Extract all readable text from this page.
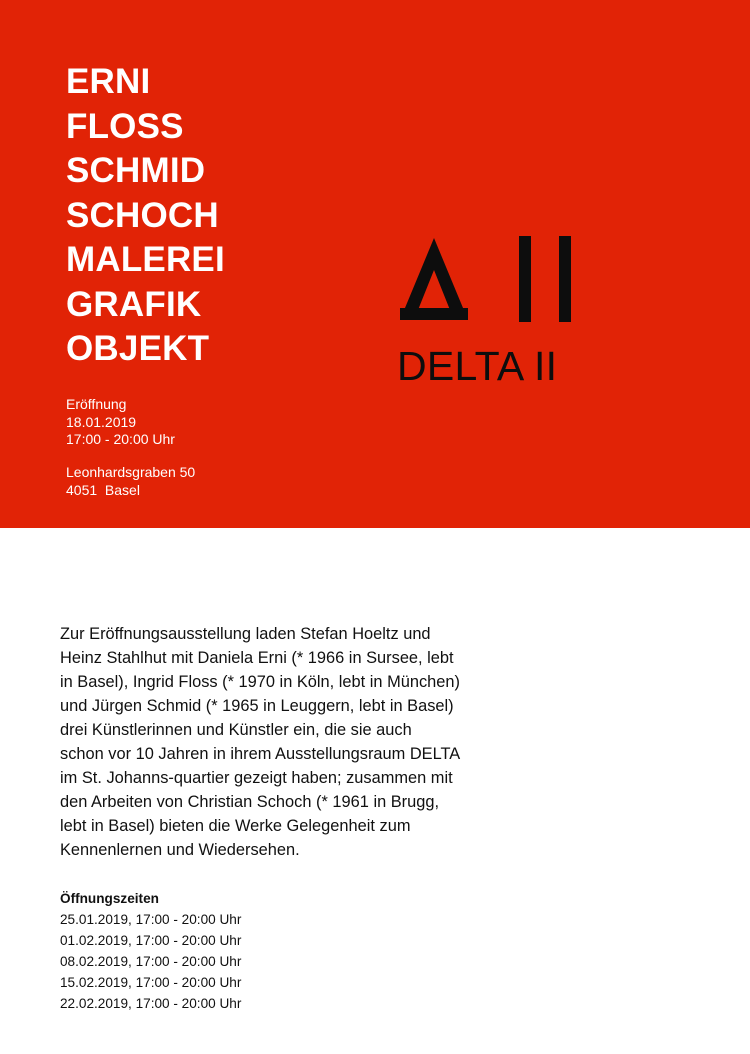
ERNI
FLOSS
SCHMID
SCHOCH
MALEREI
GRAFIK
OBJEKT
Eröffnung
18.01.2019
17:00 - 20:00 Uhr
Leonhardsgraben 50
4051  Basel
DELTA II

Zur Eröffnungsausstellung laden Stefan Hoeltz und
Heinz Stahlhut mit Daniela Erni (* 1966 in Sursee, lebt
in Basel), Ingrid Floss (* 1970 in Köln, lebt in München)
und Jürgen Schmid (* 1965 in Leuggern, lebt in Basel)
drei Künstlerinnen und Künstler ein, die sie auch
schon vor 10 Jahren in ihrem Ausstellungsraum DELTA
im St. Johanns-quartier gezeigt haben; zusammen mit
den Arbeiten von Christian Schoch (* 1961 in Brugg,
lebt in Basel) bieten die Werke Gelegenheit zum
Kennenlernen und Wiedersehen.

Öffnungszeiten
25.01.2019, 17:00 - 20:00 Uhr
01.02.2019, 17:00 - 20:00 Uhr
08.02.2019, 17:00 - 20:00 Uhr
15.02.2019, 17:00 - 20:00 Uhr
22.02.2019, 17:00 - 20:00 Uhr
